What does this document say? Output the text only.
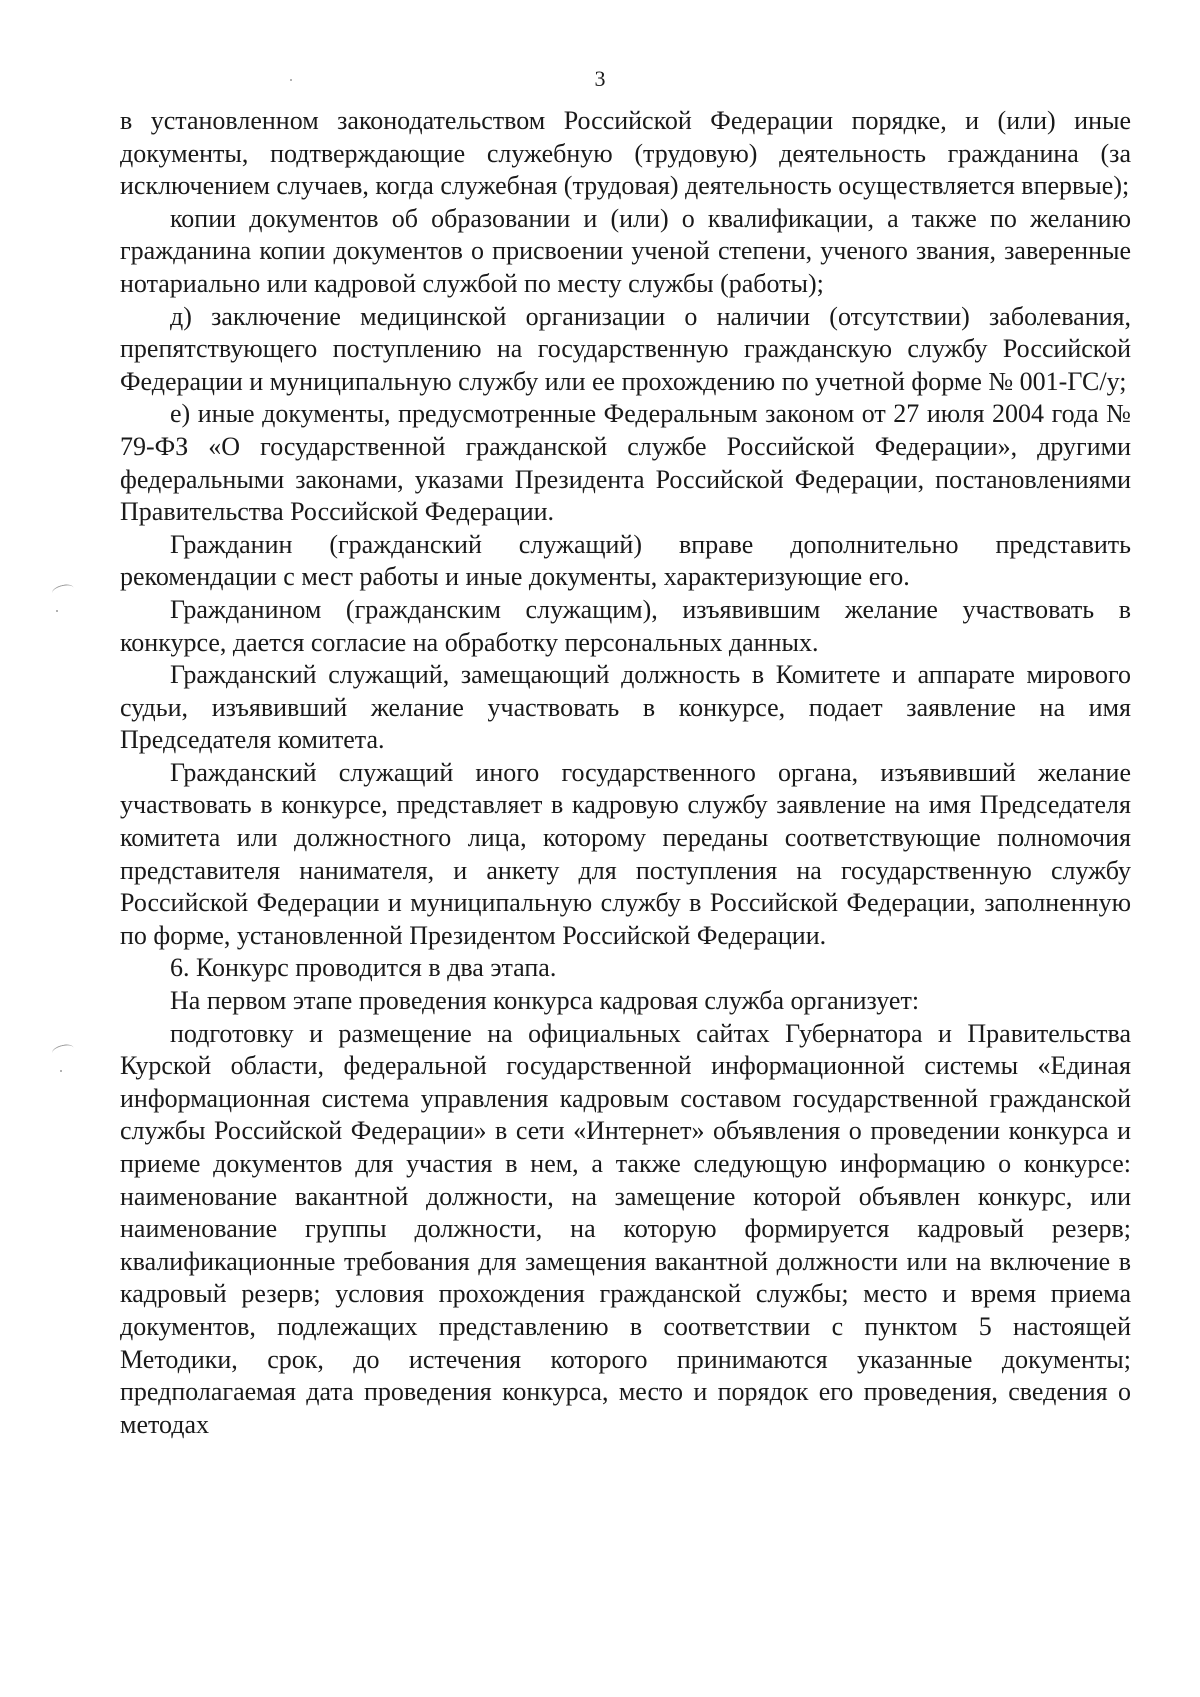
3

в установленном законодательством Российской Федерации порядке, и (или) иные документы, подтверждающие служебную (трудовую) деятельность гражданина (за исключением случаев, когда служебная (трудовая) деятельность осуществляется впервые);

копии документов об образовании и (или) о квалификации, а также по желанию гражданина копии документов о присвоении ученой степени, ученого звания, заверенные нотариально или кадровой службой по месту службы (работы);

д) заключение медицинской организации о наличии (отсутствии) заболевания, препятствующего поступлению на государственную гражданскую службу Российской Федерации и муниципальную службу или ее прохождению по учетной форме № 001-ГС/у;

е) иные документы, предусмотренные Федеральным законом от 27 июля 2004 года № 79-ФЗ «О государственной гражданской службе Российской Федерации», другими федеральными законами, указами Президента Российской Федерации, постановлениями Правительства Российской Федерации.

Гражданин (гражданский служащий) вправе дополнительно представить рекомендации с мест работы и иные документы, характеризующие его.

Гражданином (гражданским служащим), изъявившим желание участвовать в конкурсе, дается согласие на обработку персональных данных.

Гражданский служащий, замещающий должность в Комитете и аппарате мирового судьи, изъявивший желание участвовать в конкурсе, подает заявление на имя Председателя комитета.

Гражданский служащий иного государственного органа, изъявивший желание участвовать в конкурсе, представляет в кадровую службу заявление на имя Председателя комитета или должностного лица, которому переданы соответствующие полномочия представителя нанимателя, и анкету для поступления на государственную службу Российской Федерации и муниципальную службу в Российской Федерации, заполненную по форме, установленной Президентом Российской Федерации.

6. Конкурс проводится в два этапа.

На первом этапе проведения конкурса кадровая служба организует:

подготовку и размещение на официальных сайтах Губернатора и Правительства Курской области, федеральной государственной информационной системы «Единая информационная система управления кадровым составом государственной гражданской службы Российской Федерации» в сети «Интернет» объявления о проведении конкурса и приеме документов для участия в нем, а также следующую информацию о конкурсе: наименование вакантной должности, на замещение которой объявлен конкурс, или наименование группы должности, на которую формируется кадровый резерв; квалификационные требования для замещения вакантной должности или на включение в кадровый резерв; условия прохождения гражданской службы; место и время приема документов, подлежащих представлению в соответствии с пунктом 5 настоящей Методики, срок, до истечения которого принимаются указанные документы; предполагаемая дата проведения конкурса, место и порядок его проведения, сведения о методах
